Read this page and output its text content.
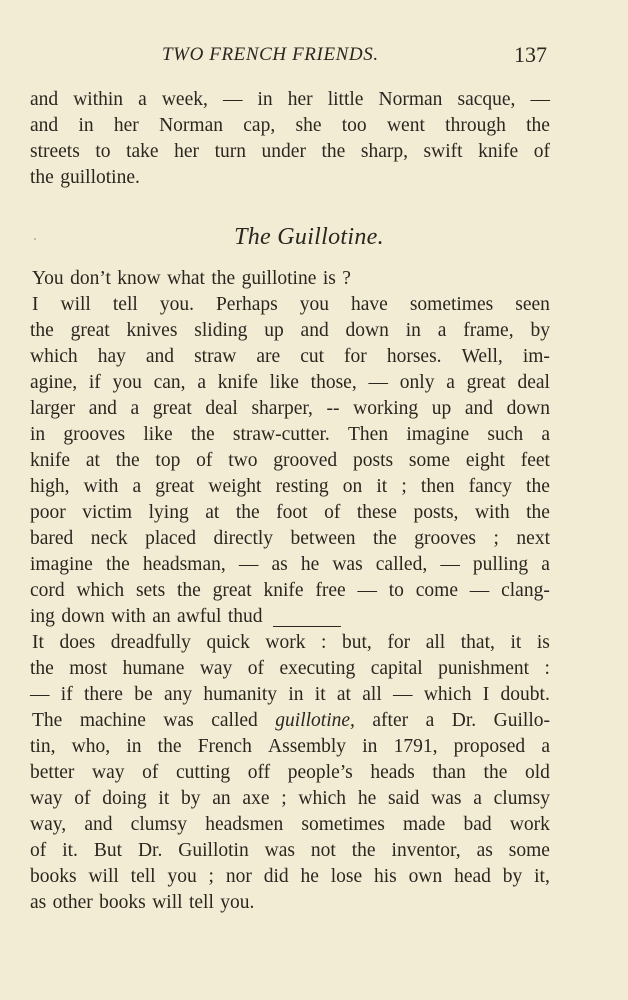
TWO FRENCH FRIENDS.	137
and within a week, — in her little Norman sacque, —
and in her Norman cap, she too went through the
streets to take her turn under the sharp, swift knife of
the guillotine.
The Guillotine.
You don’t know what the guillotine is ?
I will tell you. Perhaps you have sometimes seen
the great knives sliding up and down in a frame, by
which hay and straw are cut for horses. Well, im-
agine, if you can, a knife like those, — only a great deal
larger and a great deal sharper, -- working up and down
in grooves like the straw-cutter. Then imagine such a
knife at the top of two grooved posts some eight feet
high, with a great weight resting on it ; then fancy the
poor victim lying at the foot of these posts, with the
bared neck placed directly between the grooves ; next
imagine the headsman, — as he was called, — pulling a
cord which sets the great knife free — to come — clang-
ing down with an awful thud
It does dreadfully quick work : but, for all that, it is
the most humane way of executing capital punishment :
— if there be any humanity in it at all — which I doubt.
The machine was called guillotine, after a Dr. Guillo-
tin, who, in the French Assembly in 1791, proposed a
better way of cutting off people’s heads than the old
way of doing it by an axe ; which he said was a clumsy
way, and clumsy headsmen sometimes made bad work
of it. But Dr. Guillotin was not the inventor, as some
books will tell you ; nor did he lose his own head by it,
as other books will tell you.
